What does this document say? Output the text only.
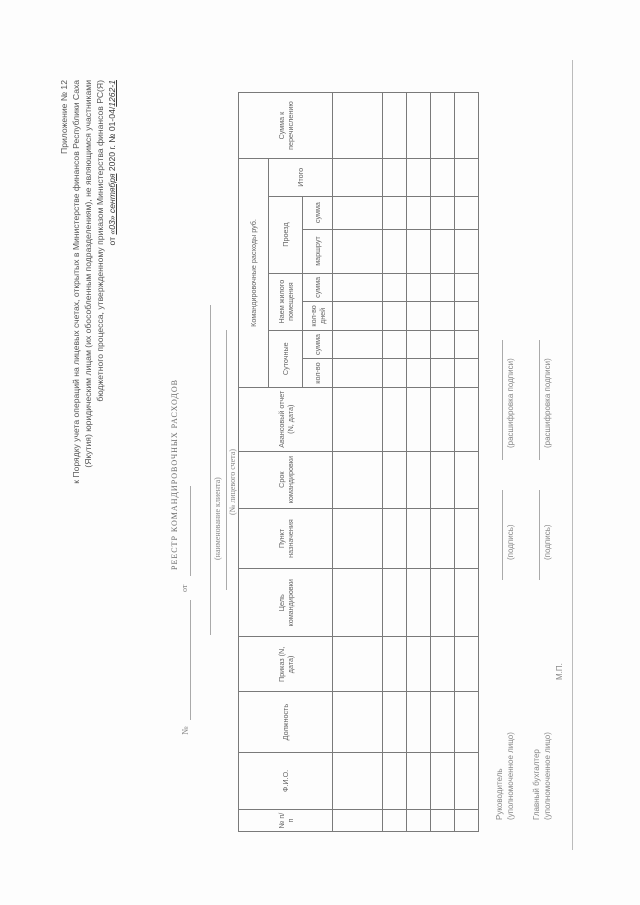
Приложение № 12 к Порядку учета операций на лицевых счетах, открытых в Министерстве финансов Республики Саха (Якутия) юридическим лицам (их обособленным подразделениям), не являющимся участниками бюджетного процесса, утвержденному приказом Министерства финансов РС(Я) от «03» сентября 2020 г. № 01-04/1262-1
РЕЕСТР КОМАНДИРОВОЧНЫХ РАСХОДОВ
№
от
(наименование клиента) (№ лицевого счета)
№ п/п	Ф.И.О.	Должность	Приказ (N, дата)	Цель командировки	Пункт назначения	Срок командировки	Авансовый отчет (N, дата)	Командировочные расходы руб.							Сумма к перечислению
								Суточные		Наем жилого помещения		Проезд		Итого	
								кол-во	сумма	кол-во дней	сумма	маршрут	сумма		

Руководитель (уполномоченное лицо)
(подпись)
(расшифровка подписи)
Главный бухгалтер (уполномоченное лицо)
(подпись)
(расшифровка подписи)
М.П.
